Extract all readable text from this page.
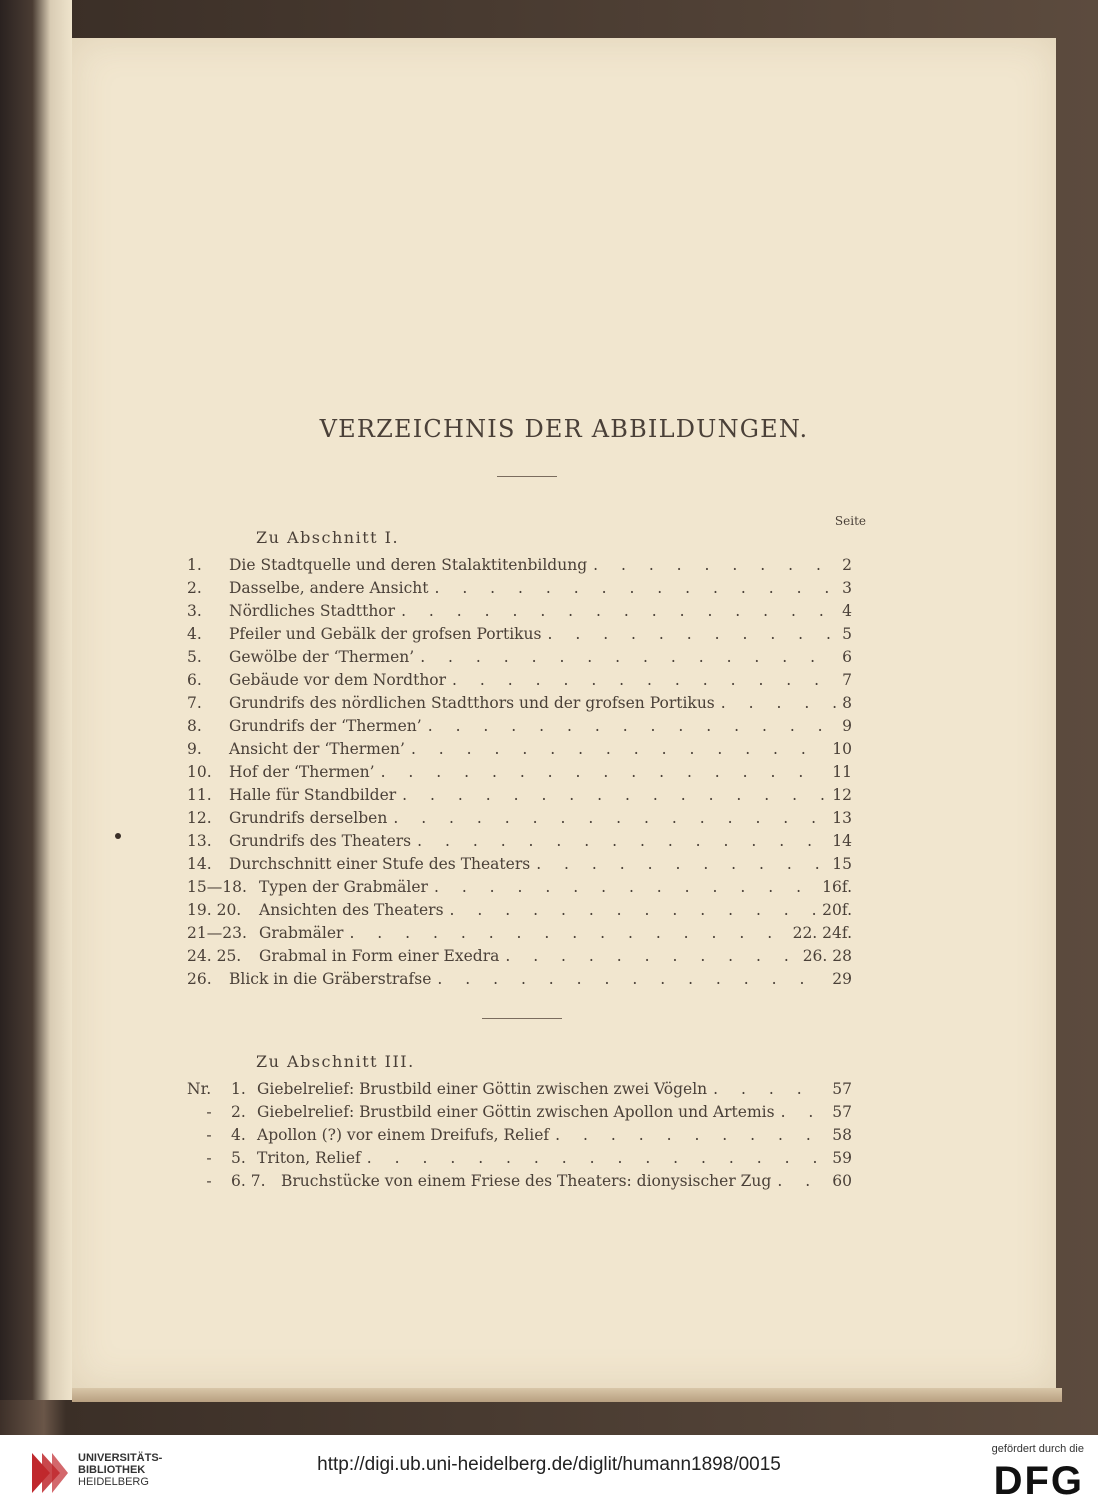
VERZEICHNIS DER ABBILDUNGEN.
Seite
Zu Abschnitt I.
1.	Die Stadtquelle und deren Stalaktitenbildung . . .	2
2.	Dasselbe, andere Ansicht . . .	3
3.	Nördliches Stadtthor . . .	4
4.	Pfeiler und Gebälk der grofsen Portikus . . .	5
5.	Gewölbe der ‘Thermen’ . . .	6
6.	Gebäude vor dem Nordthor . . .	7
7.	Grundrifs des nördlichen Stadtthors und der grofsen Portikus . . .	8
8.	Grundrifs der ‘Thermen’ . . .	9
9.	Ansicht der ‘Thermen’ . . .	10
10.	Hof der ‘Thermen’ . . .	11
11.	Halle für Standbilder . . .	12
12.	Grundrifs derselben . . .	13
13.	Grundrifs des Theaters . . .	14
14.	Durchschnitt einer Stufe des Theaters . . .	15
15—18. Typen der Grabmäler . . .	16f.
19. 20.	Ansichten des Theaters . . .	20f.
21—23. Grabmäler . . .	22. 24f.
24. 25.	Grabmal in Form einer Exedra . . .	26. 28
26.	Blick in die Gräberstrafse . . .	29
Zu Abschnitt III.
Nr.	1. Giebelrelief: Brustbild einer Göttin zwischen zwei Vögeln . . .	57
-	2. Giebelrelief: Brustbild einer Göttin zwischen Apollon und Artemis . . .	57
-	4. Apollon (?) vor einem Dreifufs, Relief . . .	58
-	5. Triton, Relief . . .	59
-	6. 7. Bruchstücke von einem Friese des Theaters: dionysischer Zug . . .	60
UNIVERSITÄTS-
BIBLIOTHEK
HEIDELBERG
http://digi.ub.uni-heidelberg.de/diglit/humann1898/0015
gefördert durch die
DFG
